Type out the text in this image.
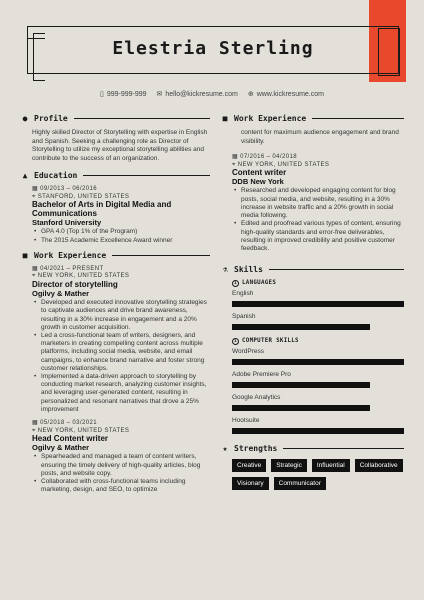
Elestria Sterling
▯ 999-999-999 ✉ hello@kickresume.com ⊕ www.kickresume.com
● Profile
Highly skilled Director of Storytelling with expertise in English and Spanish. Seeking a challenging role as Director of Storytelling to utilize my exceptional storytelling abilities and contribute to the success of an organization.
▲ Education
▦ 09/2013 – 06/2016
⌖ STANFORD, UNITED STATES
Bachelor of Arts in Digital Media and Communications
Stanford University
• GPA 4.0 (Top 1% of the Program)
• The 2015 Academic Excellence Award winner
■ Work Experience
▦ 04/2021 – PRESENT
⌖ NEW YORK, UNITED STATES
Director of storytelling
Ogilvy & Mather
• Developed and executed innovative storytelling strategies to captivate audiences and drive brand awareness, resulting in a 30% increase in engagement and a 20% growth in customer acquisition.
• Led a cross-functional team of writers, designers, and marketers in creating compelling content across multiple platforms, including social media, website, and email campaigns, to enhance brand narrative and foster strong customer relationships.
• Implemented a data-driven approach to storytelling by conducting market research, analyzing customer insights, and leveraging user-generated content, resulting in personalized and resonant narratives that drove a 25% improvement
▦ 05/2018 – 03/2021
⌖ NEW YORK, UNITED STATES
Head Content writer
Ogilvy & Mather
• Spearheaded and managed a team of content writers, ensuring the timely delivery of high-quality articles, blog posts, and website copy.
• Collaborated with cross-functional teams including marketing, design, and SEO, to optimize
■ Work Experience
content for maximum audience engagement and brand visibility.
▦ 07/2016 – 04/2018
⌖ NEW YORK, UNITED STATES
Content writer
DDB New York
• Researched and developed engaging content for blog posts, social media, and website, resulting in a 30% increase in website traffic and a 20% growth in social media following.
• Edited and proofread various types of content, ensuring high-quality standards and error-free deliverables, resulting in improved credibility and positive customer feedback.
⚗ Skills
i LANGUAGES
English
Spanish
i COMPUTER SKILLS
WordPress
Adobe Premiere Pro
Google Analytics
Hootsuite
★ Strengths
Creative	Strategic	Influential	Collaborative
Visionary	Communicator
